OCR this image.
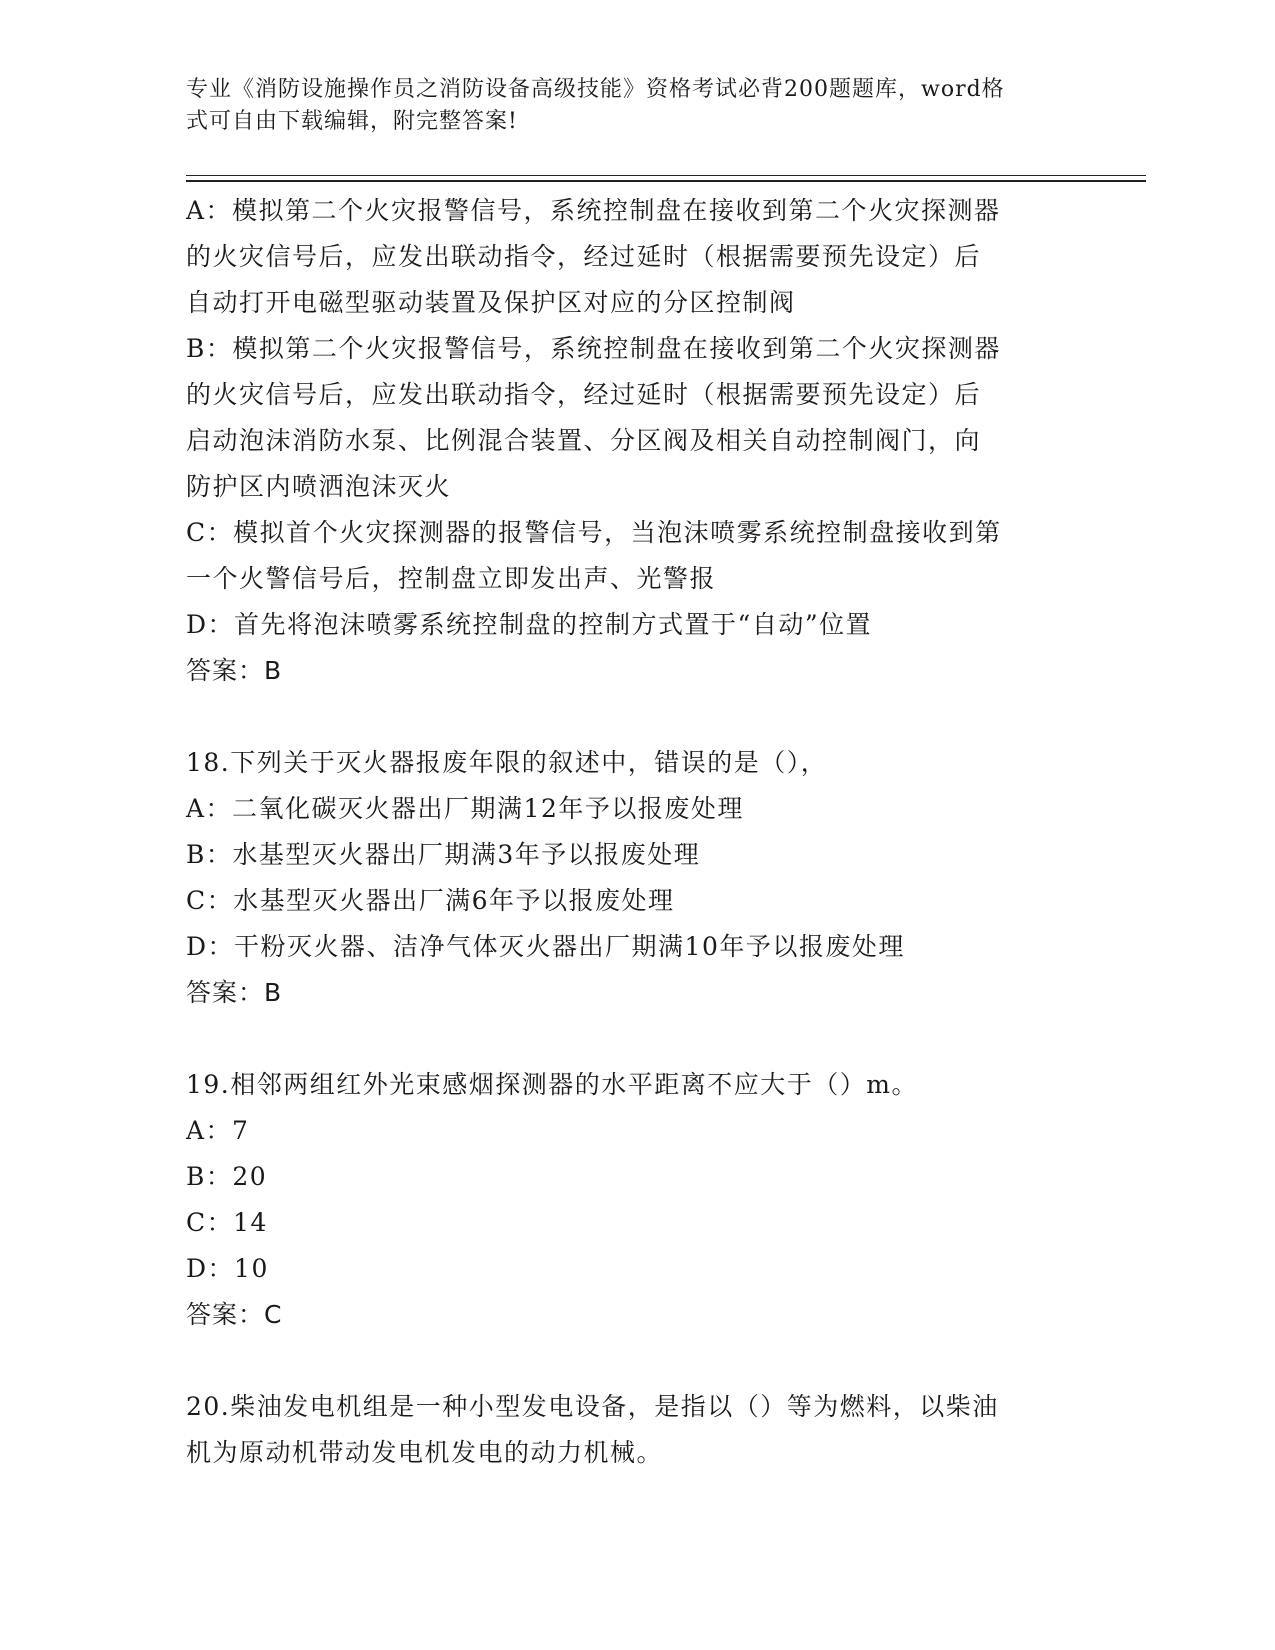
专业《消防设施操作员之消防设备高级技能》资格考试必背200题题库，word格
式可自由下载编辑，附完整答案!

A：模拟第二个火灾报警信号，系统控制盘在接收到第二个火灾探测器

的火灾信号后，应发出联动指令，经过延时（根据需要预先设定）后

自动打开电磁型驱动装置及保护区对应的分区控制阀

B：模拟第二个火灾报警信号，系统控制盘在接收到第二个火灾探测器

的火灾信号后，应发出联动指令，经过延时（根据需要预先设定）后

启动泡沫消防水泵、比例混合装置、分区阀及相关自动控制阀门，向

防护区内喷洒泡沫灭火

C：模拟首个火灾探测器的报警信号，当泡沫喷雾系统控制盘接收到第

一个火警信号后，控制盘立即发出声、光警报

D：首先将泡沫喷雾系统控制盘的控制方式置于“自动”位置

答案：B

18.下列关于灭火器报废年限的叙述中，错误的是（），

A：二氧化碳灭火器出厂期满12年予以报废处理

B：水基型灭火器出厂期满3年予以报废处理

C：水基型灭火器出厂满6年予以报废处理

D：干粉灭火器、洁净气体灭火器出厂期满10年予以报废处理

答案：B

19.相邻两组红外光束感烟探测器的水平距离不应大于（）m。

A：7

B：20

C：14

D：10

答案：C

20.柴油发电机组是一种小型发电设备，是指以（）等为燃料，以柴油

机为原动机带动发电机发电的动力机械。
